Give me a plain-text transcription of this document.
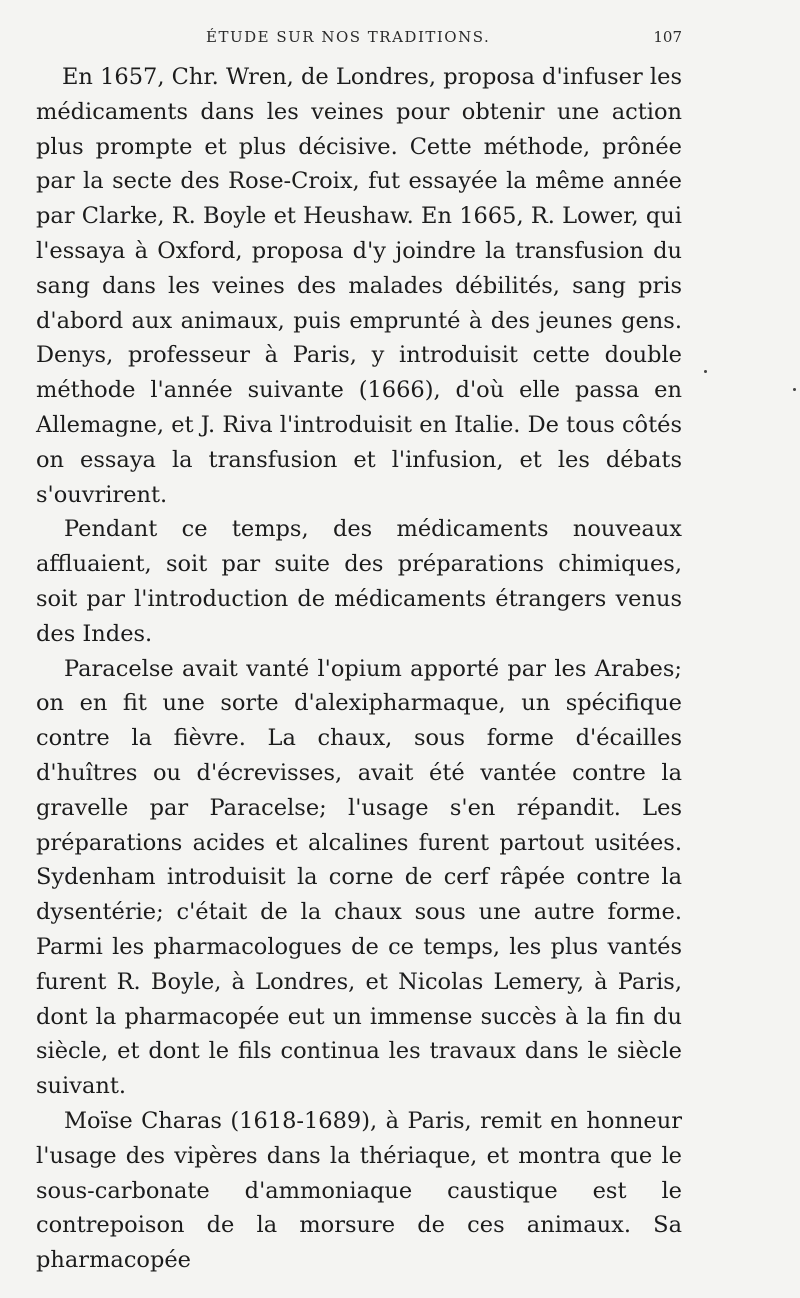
ÉTUDE SUR NOS TRADITIONS.	107

En 1657, Chr. Wren, de Londres, proposa d'infuser les médicaments dans les veines pour obtenir une action plus prompte et plus décisive. Cette méthode, prônée par la secte des Rose-Croix, fut essayée la même année par Clarke, R. Boyle et Heushaw. En 1665, R. Lower, qui l'essaya à Oxford, proposa d'y joindre la transfusion du sang dans les veines des malades débilités, sang pris d'abord aux animaux, puis emprunté à des jeunes gens. Denys, professeur à Paris, y introduisit cette double méthode l'année suivante (1666), d'où elle passa en Allemagne, et J. Riva l'introduisit en Italie. De tous côtés on essaya la transfusion et l'infusion, et les débats s'ouvrirent.

Pendant ce temps, des médicaments nouveaux affluaient, soit par suite des préparations chimiques, soit par l'introduction de médicaments étrangers venus des Indes.

Paracelse avait vanté l'opium apporté par les Arabes; on en fit une sorte d'alexipharmaque, un spécifique contre la fièvre. La chaux, sous forme d'écailles d'huîtres ou d'écrevisses, avait été vantée contre la gravelle par Paracelse; l'usage s'en répandit. Les préparations acides et alcalines furent partout usitées. Sydenham introduisit la corne de cerf râpée contre la dysentérie; c'était de la chaux sous une autre forme. Parmi les pharmacologues de ce temps, les plus vantés furent R. Boyle, à Londres, et Nicolas Lemery, à Paris, dont la pharmacopée eut un immense succès à la fin du siècle, et dont le fils continua les travaux dans le siècle suivant.

Moïse Charas (1618-1689), à Paris, remit en honneur l'usage des vipères dans la thériaque, et montra que le sous-carbonate d'ammoniaque caustique est le contrepoison de la morsure de ces animaux. Sa pharmacopée
